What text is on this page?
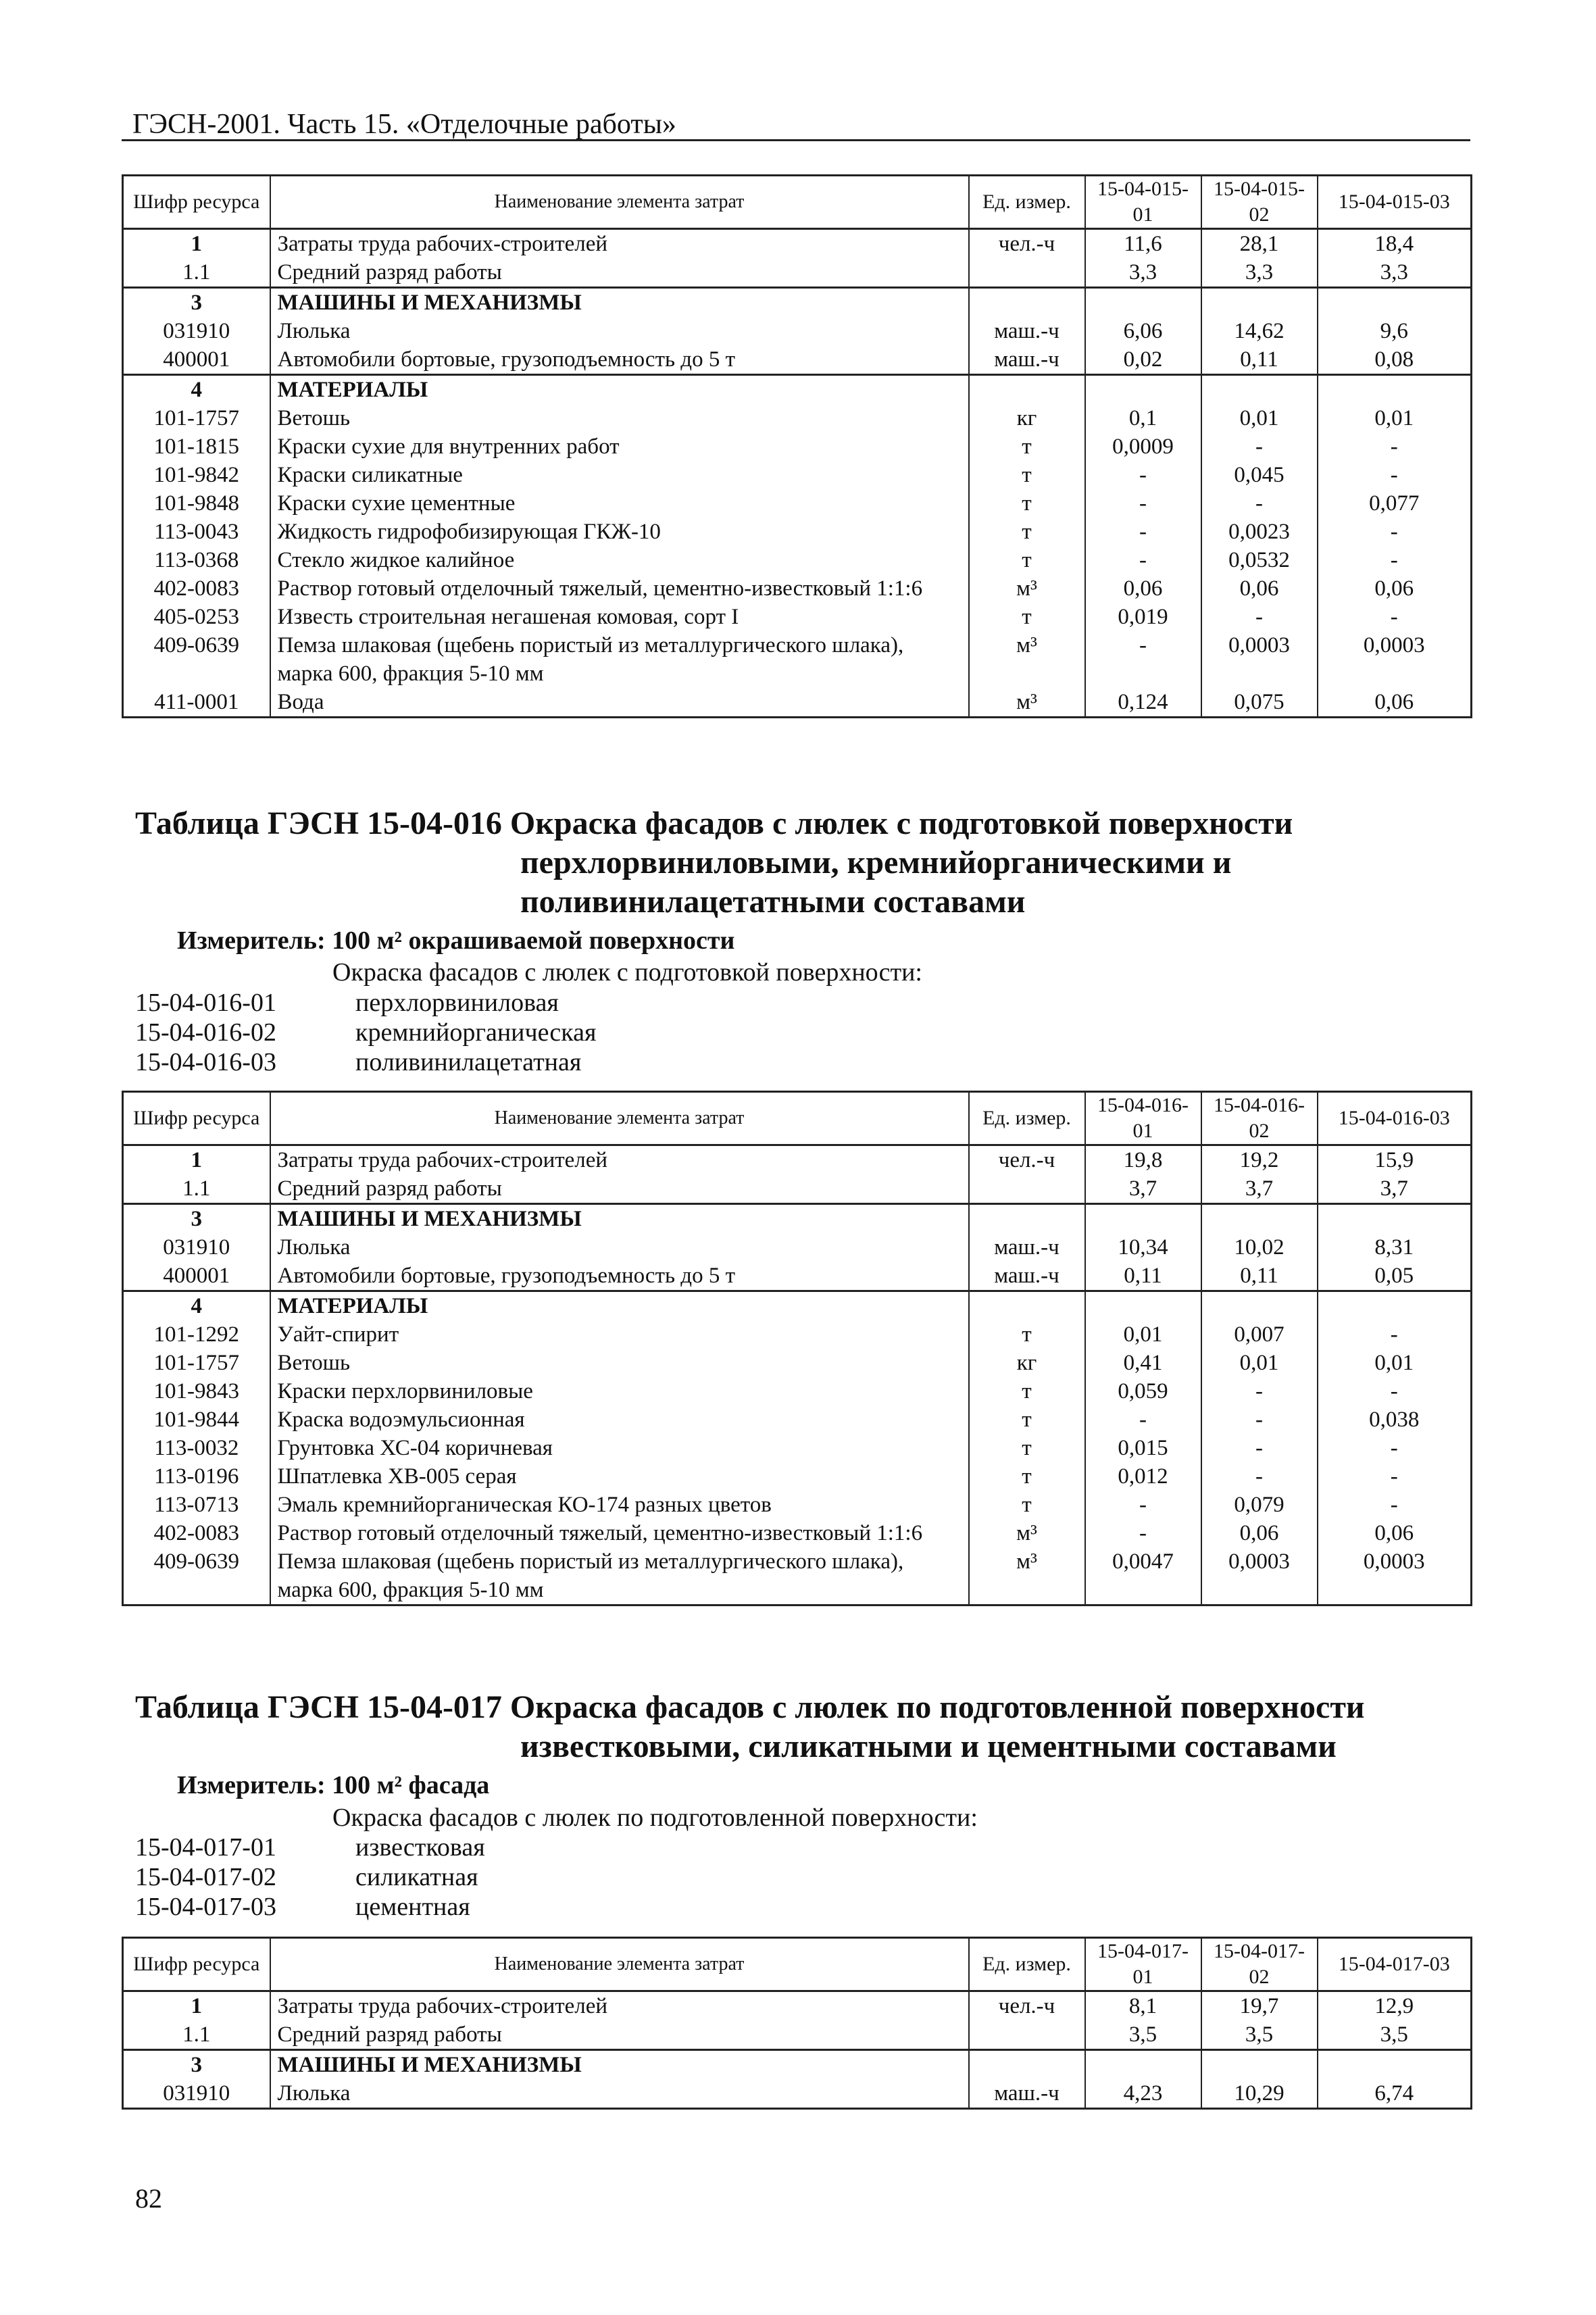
ГЭСН-2001. Часть 15. «Отделочные работы»
Шифр ресурса	Наименование элемента затрат	Ед. измер.	15-04-015-01	15-04-015-02	15-04-015-03
1	Затраты труда рабочих-строителей	чел.-ч	11,6	28,1	18,4
1.1	Средний разряд работы		3,3	3,3	3,3
3	МАШИНЫ И МЕХАНИЗМЫ				
031910	Люлька	маш.-ч	6,06	14,62	9,6
400001	Автомобили бортовые, грузоподъемность до 5 т	маш.-ч	0,02	0,11	0,08
4	МАТЕРИАЛЫ				
101-1757	Ветошь	кг	0,1	0,01	0,01
101-1815	Краски сухие для внутренних работ	т	0,0009	-	-
101-9842	Краски силикатные	т	-	0,045	-
101-9848	Краски сухие цементные	т	-	-	0,077
113-0043	Жидкость гидрофобизирующая ГКЖ-10	т	-	0,0023	-
113-0368	Стекло жидкое калийное	т	-	0,0532	-
402-0083	Раствор готовый отделочный тяжелый, цементно-известковый 1:1:6	м³	0,06	0,06	0,06
405-0253	Известь строительная негашеная комовая, сорт I	т	0,019	-	-
409-0639	Пемза шлаковая (щебень пористый из металлургического шлака), марка 600, фракция 5-10 мм	м³	-	0,0003	0,0003
411-0001	Вода	м³	0,124	0,075	0,06
Таблица ГЭСН 15-04-016 Окраска фасадов с люлек с подготовкой поверхности
перхлорвиниловыми, кремнийорганическими и
поливинилацетатными составами
Измеритель: 100 м² окрашиваемой поверхности
Окраска фасадов с люлек с подготовкой поверхности:
15-04-016-01	перхлорвиниловая
15-04-016-02	кремнийорганическая
15-04-016-03	поливинилацетатная
Шифр ресурса	Наименование элемента затрат	Ед. измер.	15-04-016-01	15-04-016-02	15-04-016-03
1	Затраты труда рабочих-строителей	чел.-ч	19,8	19,2	15,9
1.1	Средний разряд работы		3,7	3,7	3,7
3	МАШИНЫ И МЕХАНИЗМЫ				
031910	Люлька	маш.-ч	10,34	10,02	8,31
400001	Автомобили бортовые, грузоподъемность до 5 т	маш.-ч	0,11	0,11	0,05
4	МАТЕРИАЛЫ				
101-1292	Уайт-спирит	т	0,01	0,007	-
101-1757	Ветошь	кг	0,41	0,01	0,01
101-9843	Краски перхлорвиниловые	т	0,059	-	-
101-9844	Краска водоэмульсионная	т	-	-	0,038
113-0032	Грунтовка ХС-04 коричневая	т	0,015	-	-
113-0196	Шпатлевка ХВ-005 серая	т	0,012	-	-
113-0713	Эмаль кремнийорганическая КО-174 разных цветов	т	-	0,079	-
402-0083	Раствор готовый отделочный тяжелый, цементно-известковый 1:1:6	м³	-	0,06	0,06
409-0639	Пемза шлаковая (щебень пористый из металлургического шлака), марка 600, фракция 5-10 мм	м³	0,0047	0,0003	0,0003
Таблица ГЭСН 15-04-017 Окраска фасадов с люлек по подготовленной поверхности
известковыми, силикатными и цементными составами
Измеритель: 100 м² фасада
Окраска фасадов с люлек по подготовленной поверхности:
15-04-017-01	известковая
15-04-017-02	силикатная
15-04-017-03	цементная
Шифр ресурса	Наименование элемента затрат	Ед. измер.	15-04-017-01	15-04-017-02	15-04-017-03
1	Затраты труда рабочих-строителей	чел.-ч	8,1	19,7	12,9
1.1	Средний разряд работы		3,5	3,5	3,5
3	МАШИНЫ И МЕХАНИЗМЫ				
031910	Люлька	маш.-ч	4,23	10,29	6,74
82
